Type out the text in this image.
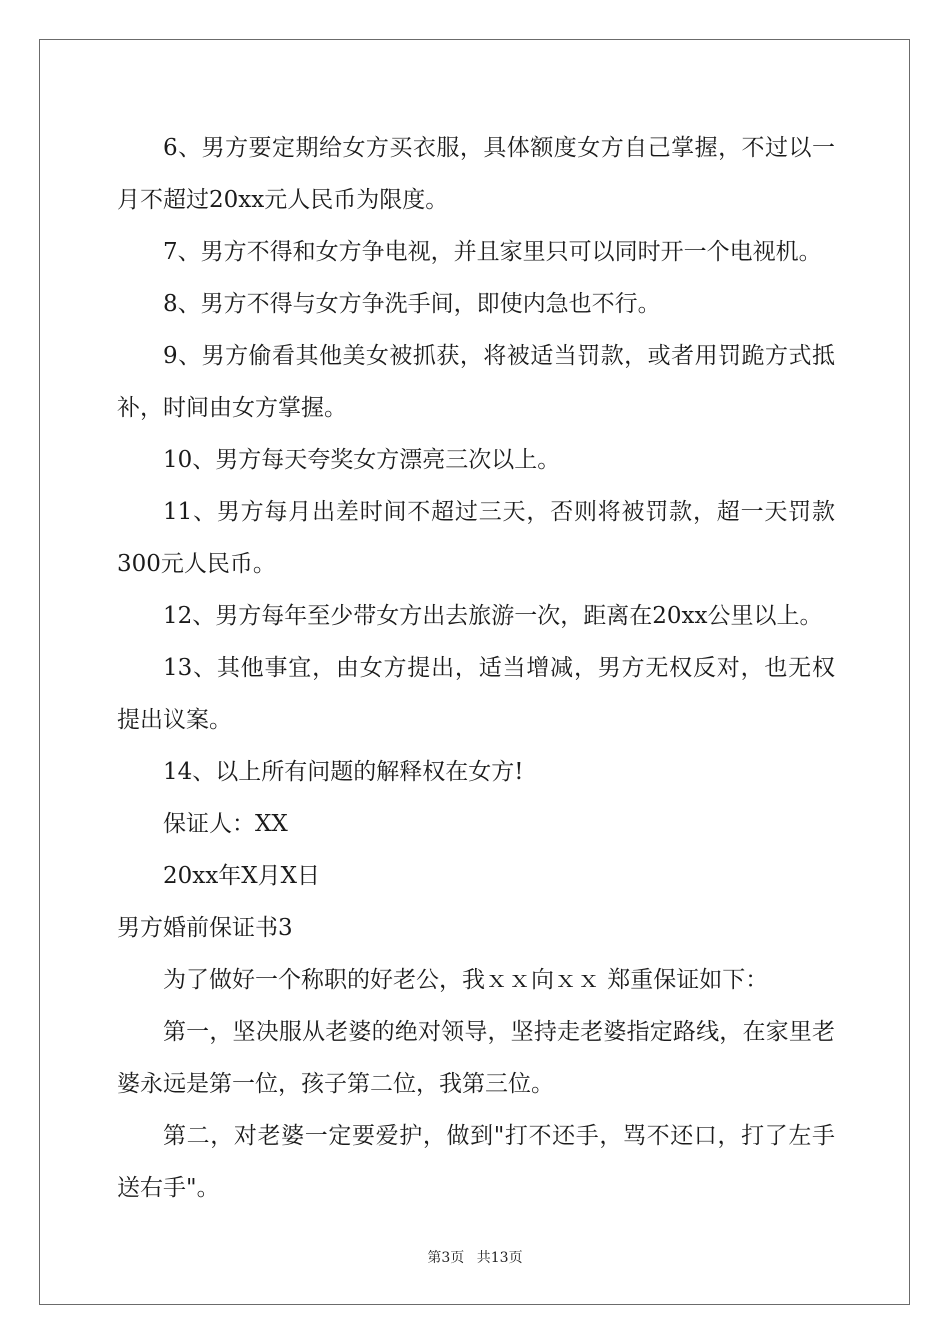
6、男方要定期给女方买衣服，具体额度女方自己掌握，不过以一月不超过20xx元人民币为限度。

7、男方不得和女方争电视，并且家里只可以同时开一个电视机。

8、男方不得与女方争洗手间，即使内急也不行。

9、男方偷看其他美女被抓获，将被适当罚款，或者用罚跪方式抵补，时间由女方掌握。

10、男方每天夸奖女方漂亮三次以上。

11、男方每月出差时间不超过三天，否则将被罚款，超一天罚款300元人民币。

12、男方每年至少带女方出去旅游一次，距离在20xx公里以上。

13、其他事宜，由女方提出，适当增减，男方无权反对，也无权提出议案。

14、以上所有问题的解释权在女方!

保证人：XX

20xx年X月X日

男方婚前保证书3

为了做好一个称职的好老公，我ｘｘ向ｘｘ 郑重保证如下：

第一，坚决服从老婆的绝对领导，坚持走老婆指定路线，在家里老婆永远是第一位，孩子第二位，我第三位。

第二，对老婆一定要爱护，做到"打不还手，骂不还口，打了左手送右手"。

第3页 共13页
